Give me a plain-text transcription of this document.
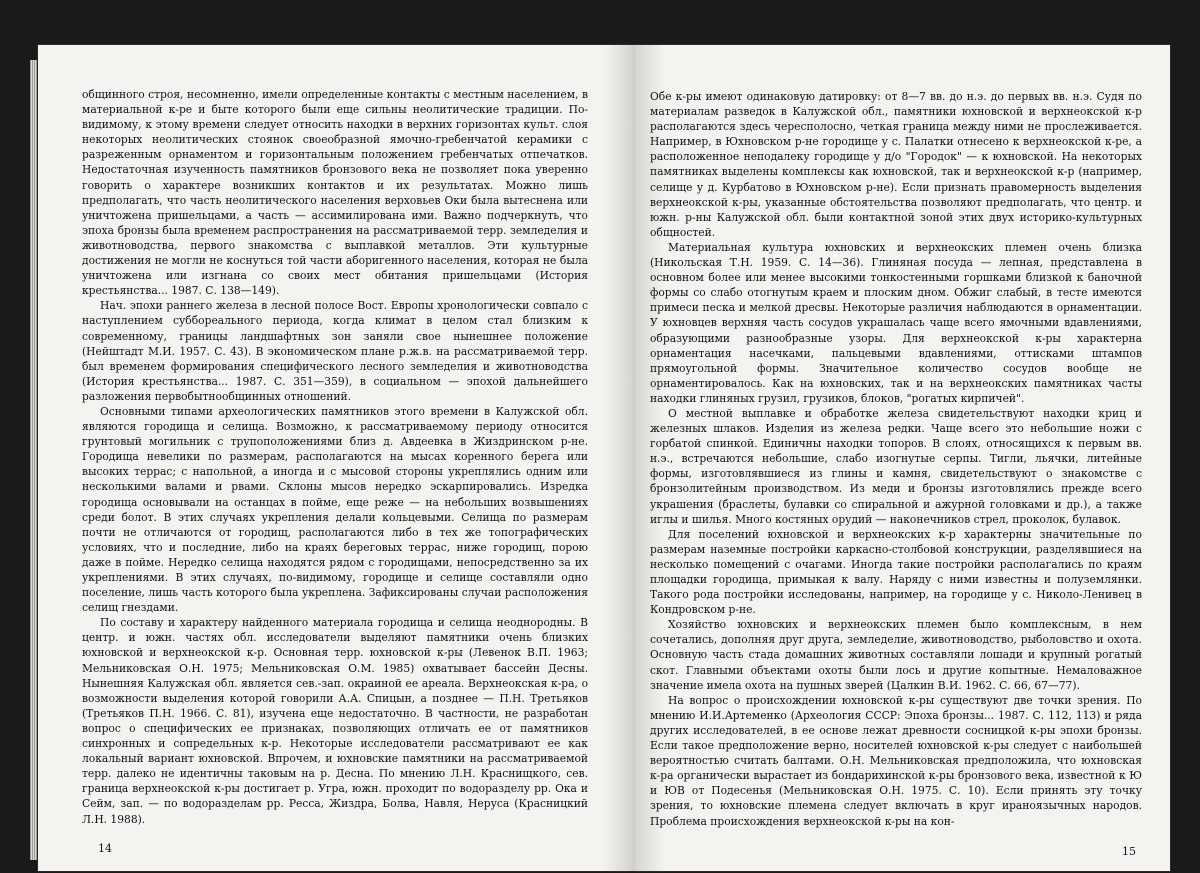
общинного строя, несомненно, имели определенные контакты с местным населением, в материальной к-ре и быте которого были еще сильны неолитические традиции. По-видимому, к этому времени следует относить находки в верхних горизонтах культ. слоя некоторых неолитических стоянок своеобразной ямочно-гребенчатой керамики с разреженным орнаментом и горизонтальным положением гребенчатых отпечатков. Недостаточная изученность памятников бронзового века не позволяет пока уверенно говорить о характере возникших контактов и их результатах. Можно лишь предполагать, что часть неолитического населения верховьев Оки была вытеснена или уничтожена пришельцами, а часть — ассимилирована ими. Важно подчеркнуть, что эпоха бронзы была временем распространения на рассматриваемой терр. земледелия и животноводства, первого знакомства с выплавкой металлов. Эти культурные достижения не могли не коснуться той части аборигенного населения, которая не была уничтожена или изгнана со своих мест обитания пришельцами (История крестьянства... 1987. С. 138—149).

Нач. эпохи раннего железа в лесной полосе Вост. Европы хронологически совпало с наступлением суббореального периода, когда климат в целом стал близким к современному, границы ландшафтных зон заняли свое нынешнее положение (Нейштадт М.И. 1957. С. 43). В экономическом плане р.ж.в. на рассматриваемой терр. был временем формирования специфического лесного земледелия и животноводства (История крестьянства... 1987. С. 351—359), в социальном — эпохой дальнейшего разложения первобытнообщинных отношений.

Основными типами археологических памятников этого времени в Калужской обл. являются городища и селища. Возможно, к рассматриваемому периоду относится грунтовый могильник с трупоположениями близ д. Авдеевка в Жиздринском р-не. Городища невелики по размерам, располагаются на мысах коренного берега или высоких террас; с напольной, а иногда и с мысовой стороны укреплялись одним или несколькими валами и рвами. Склоны мысов нередко эскарпировались. Изредка городища основывали на останцах в пойме, еще реже — на небольших возвышениях среди болот. В этих случаях укрепления делали кольцевыми. Селища по размерам почти не отличаются от городищ, располагаются либо в тех же топографических условиях, что и последние, либо на краях береговых террас, ниже городищ, порою даже в пойме. Нередко селища находятся рядом с городищами, непосредственно за их укреплениями. В этих случаях, по-видимому, городище и селище составляли одно поселение, лишь часть которого была укреплена. Зафиксированы случаи расположения селищ гнездами.

По составу и характеру найденного материала городища и селища неоднородны. В центр. и южн. частях обл. исследователи выделяют памятники очень близких юхновской и верхнеокской к-р. Основная терр. юхновской к-ры (Левенок В.П. 1963; Мельниковская О.Н. 1975; Мельниковская О.М. 1985) охватывает бассейн Десны. Нынешняя Калужская обл. является сев.-зап. окраиной ее ареала. Верхнеокская к-ра, о возможности выделения которой говорили А.А. Спицын, а позднее — П.Н. Третьяков (Третьяков П.Н. 1966. С. 81), изучена еще недостаточно. В частности, не разработан вопрос о специфических ее признаках, позволяющих отличать ее от памятников синхронных и сопредельных к-р. Некоторые исследователи рассматривают ее как локальный вариант юхновской. Впрочем, и юхновские памятники на рассматриваемой терр. далеко не идентичны таковым на р. Десна. По мнению Л.Н. Краснищкого, сев. граница верхнеокской к-ры достигает р. Угра, южн. проходит по водоразделу рр. Ока и Сейм, зап. — по водоразделам рр. Ресса, Жиздра, Болва, Навля, Неруса (Красницкий Л.Н. 1988).

14

Обе к-ры имеют одинаковую датировку: от 8—7 вв. до н.э. до первых вв. н.э. Судя по материалам разведок в Калужской обл., памятники юхновской и верхнеокской к-р располагаются здесь чересполосно, четкая граница между ними не прослеживается. Например, в Юхновском р-не городище у с. Палатки отнесено к верхнеокской к-ре, а расположенное неподалеку городище у д/о "Городок" — к юхновской. На некоторых памятниках выделены комплексы как юхновской, так и верхнеокской к-р (например, селище у д. Курбатово в Юхновском р-не). Если признать правомерность выделения верхнеокской к-ры, указанные обстоятельства позволяют предполагать, что центр. и южн. р-ны Калужской обл. были контактной зоной этих двух историко-культурных общностей.

Материальная культура юхновских и верхнеокских племен очень близка (Никольская Т.Н. 1959. С. 14—36). Глиняная посуда — лепная, представлена в основном более или менее высокими тонкостенными горшками близкой к баночной формы со слабо отогнутым краем и плоским дном. Обжиг слабый, в тесте имеются примеси песка и мелкой дресвы. Некоторые различия наблюдаются в орнаментации. У юхновцев верхняя часть сосудов украшалась чаще всего ямочными вдавлениями, образующими разнообразные узоры. Для верхнеокской к-ры характерна орнаментация насечками, пальцевыми вдавлениями, оттисками штампов прямоугольной формы. Значительное количество сосудов вообще не орнаментировалось. Как на юхновских, так и на верхнеокских памятниках часты находки глиняных грузил, грузиков, блоков, "рогатых кирпичей".

О местной выплавке и обработке железа свидетельствуют находки криц и железных шлаков. Изделия из железа редки. Чаще всего это небольшие ножи с горбатой спинкой. Единичны находки топоров. В слоях, относящихся к первым вв. н.э., встречаются небольшие, слабо изогнутые серпы. Тигли, льячки, литейные формы, изготовлявшиеся из глины и камня, свидетельствуют о знакомстве с бронзолитейным производством. Из меди и бронзы изготовлялись прежде всего украшения (браслеты, булавки со спиральной и ажурной головками и др.), а также иглы и шилья. Много костяных орудий — наконечников стрел, проколок, булавок.

Для поселений юхновской и верхнеокских к-р характерны значительные по размерам наземные постройки каркасно-столбовой конструкции, разделявшиеся на несколько помещений с очагами. Иногда такие постройки располагались по краям площадки городища, примыкая к валу. Наряду с ними известны и полуземлянки. Такого рода постройки исследованы, например, на городище у с. Николо-Ленивец в Кондровском р-не.

Хозяйство юхновских и верхнеокских племен было комплексным, в нем сочетались, дополняя друг друга, земледелие, животноводство, рыболовство и охота. Основную часть стада домашних животных составляли лошади и крупный рогатый скот. Главными объектами охоты были лось и другие копытные. Немаловажное значение имела охота на пушных зверей (Цалкин В.И. 1962. С. 66, 67—77).

На вопрос о происхождении юхновской к-ры существуют две точки зрения. По мнению И.И.Артеменко (Археология СССР: Эпоха бронзы... 1987. С. 112, 113) и ряда других исследователей, в ее основе лежат древности сосницкой к-ры эпохи бронзы. Если такое предположение верно, носителей юхновской к-ры следует с наибольшей вероятностью считать балтами. О.Н. Мельниковская предположила, что юхновская к-ра органически вырастает из бондарихинской к-ры бронзового века, известной к Ю и ЮВ от Подесенья (Мельниковская О.Н. 1975. С. 10). Если принять эту точку зрения, то юхновские племена следует включать в круг ираноязычных народов. Проблема происхождения верхнеокской к-ры на кон-

15
